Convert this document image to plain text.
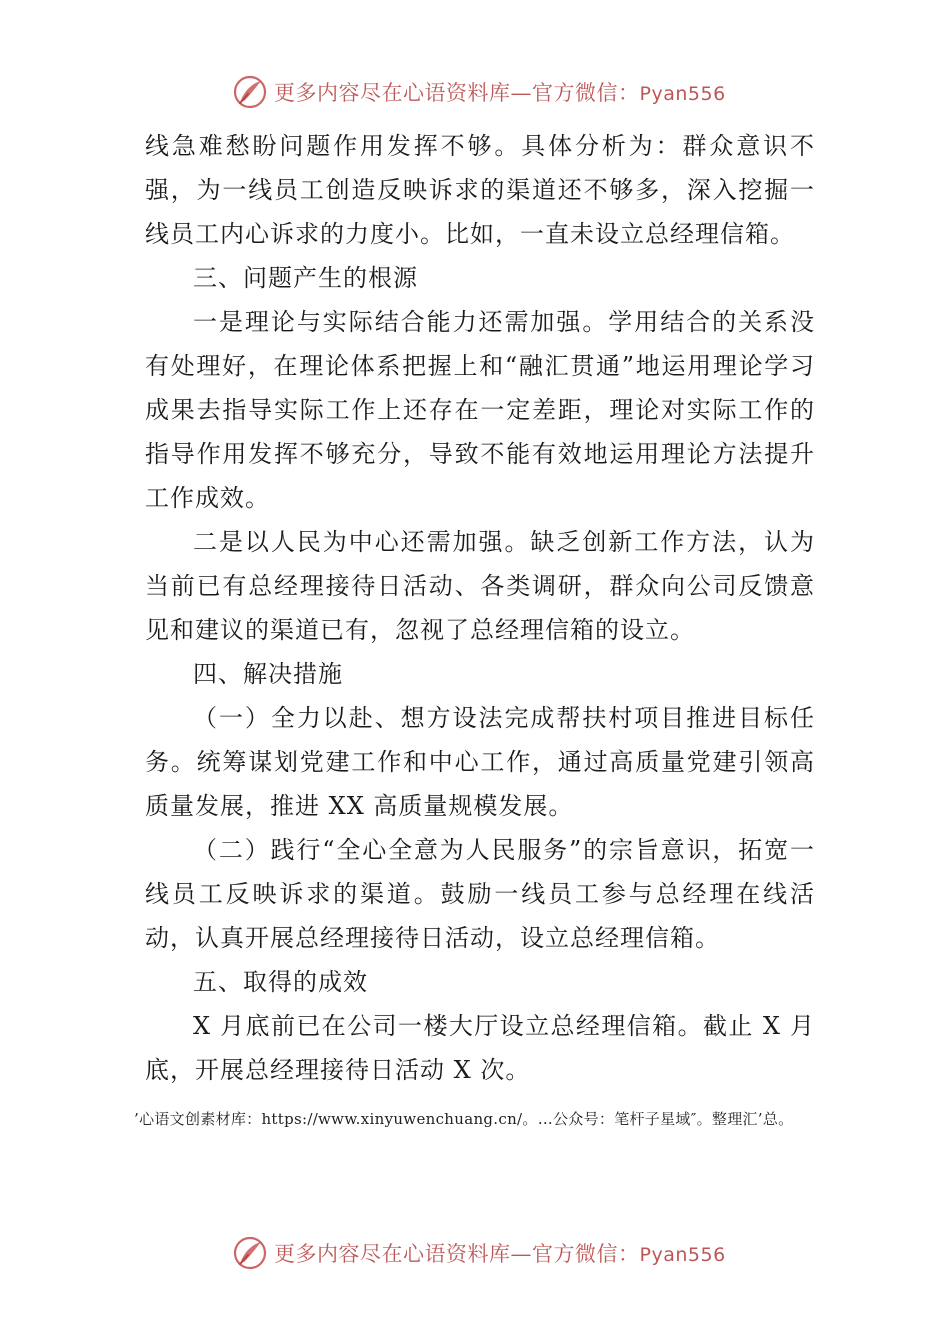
更多内容尽在心语资料库—官方微信：Pyan556

线急难愁盼问题作用发挥不够。具体分析为：群众意识不强，为一线员工创造反映诉求的渠道还不够多，深入挖掘一线员工内心诉求的力度小。比如，一直未设立总经理信箱。

三、问题产生的根源

一是理论与实际结合能力还需加强。学用结合的关系没有处理好，在理论体系把握上和“融汇贯通”地运用理论学习成果去指导实际工作上还存在一定差距，理论对实际工作的指导作用发挥不够充分，导致不能有效地运用理论方法提升工作成效。

二是以人民为中心还需加强。缺乏创新工作方法，认为当前已有总经理接待日活动、各类调研，群众向公司反馈意见和建议的渠道已有，忽视了总经理信箱的设立。

四、解决措施

（一）全力以赴、想方设法完成帮扶村项目推进目标任务。统筹谋划党建工作和中心工作，通过高质量党建引领高质量发展，推进 XX 高质量规模发展。

（二）践行“全心全意为人民服务”的宗旨意识，拓宽一线员工反映诉求的渠道。鼓励一线员工参与总经理在线活动，认真开展总经理接待日活动，设立总经理信箱。

五、取得的成效

X 月底前已在公司一楼大厅设立总经理信箱。截止 X 月底，开展总经理接待日活动 X 次。

’心语文创素材库：https://www.xinyuwenchuang.cn/。…公众号：笔杆子星域″。整理汇’总。
更多内容尽在心语资料库—官方微信：Pyan556
